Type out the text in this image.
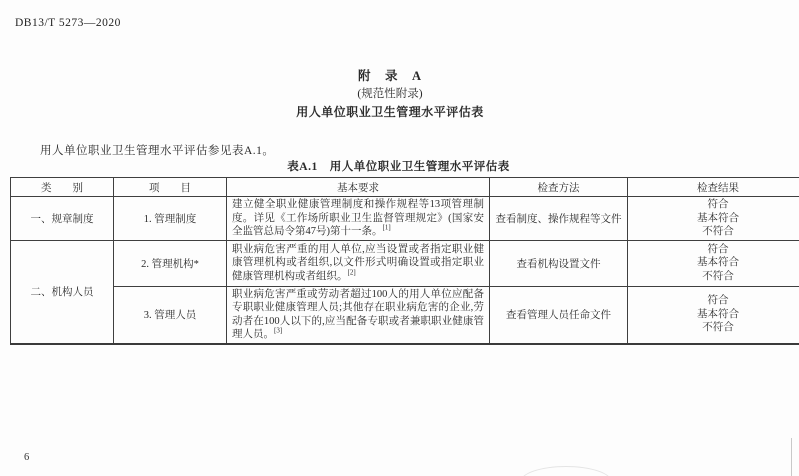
DB13/T 5273—2020
附　录　A
(规范性附录)
用人单位职业卫生管理水平评估表
用人单位职业卫生管理水平评估参见表A.1。
表A.1　用人单位职业卫生管理水平评估表
类　　别	项　　目	基本要求	检查方法	检查结果
一、规章制度	1. 管理制度	建立健全职业健康管理制度和操作规程等13项管理制度。详见《工作场所职业卫生监督管理规定》(国家安全监管总局令第47号)第十一条。[1]	查看制度、操作规程等文件	符合
基本符合
不符合

二、机构人员	2. 管理机构*	职业病危害严重的用人单位,应当设置或者指定职业健康管理机构或者组织,以文件形式明确设置或指定职业健康管理机构或者组织。[2]	查看机构设置文件	符合
基本符合
不符合

	3. 管理人员	职业病危害严重或劳动者超过100人的用人单位应配备专职职业健康管理人员;其他存在职业病危害的企业,劳动者在100人以下的,应当配备专职或者兼职职业健康管理人员。[3]	查看管理人员任命文件	符合
基本符合
不符合
6
